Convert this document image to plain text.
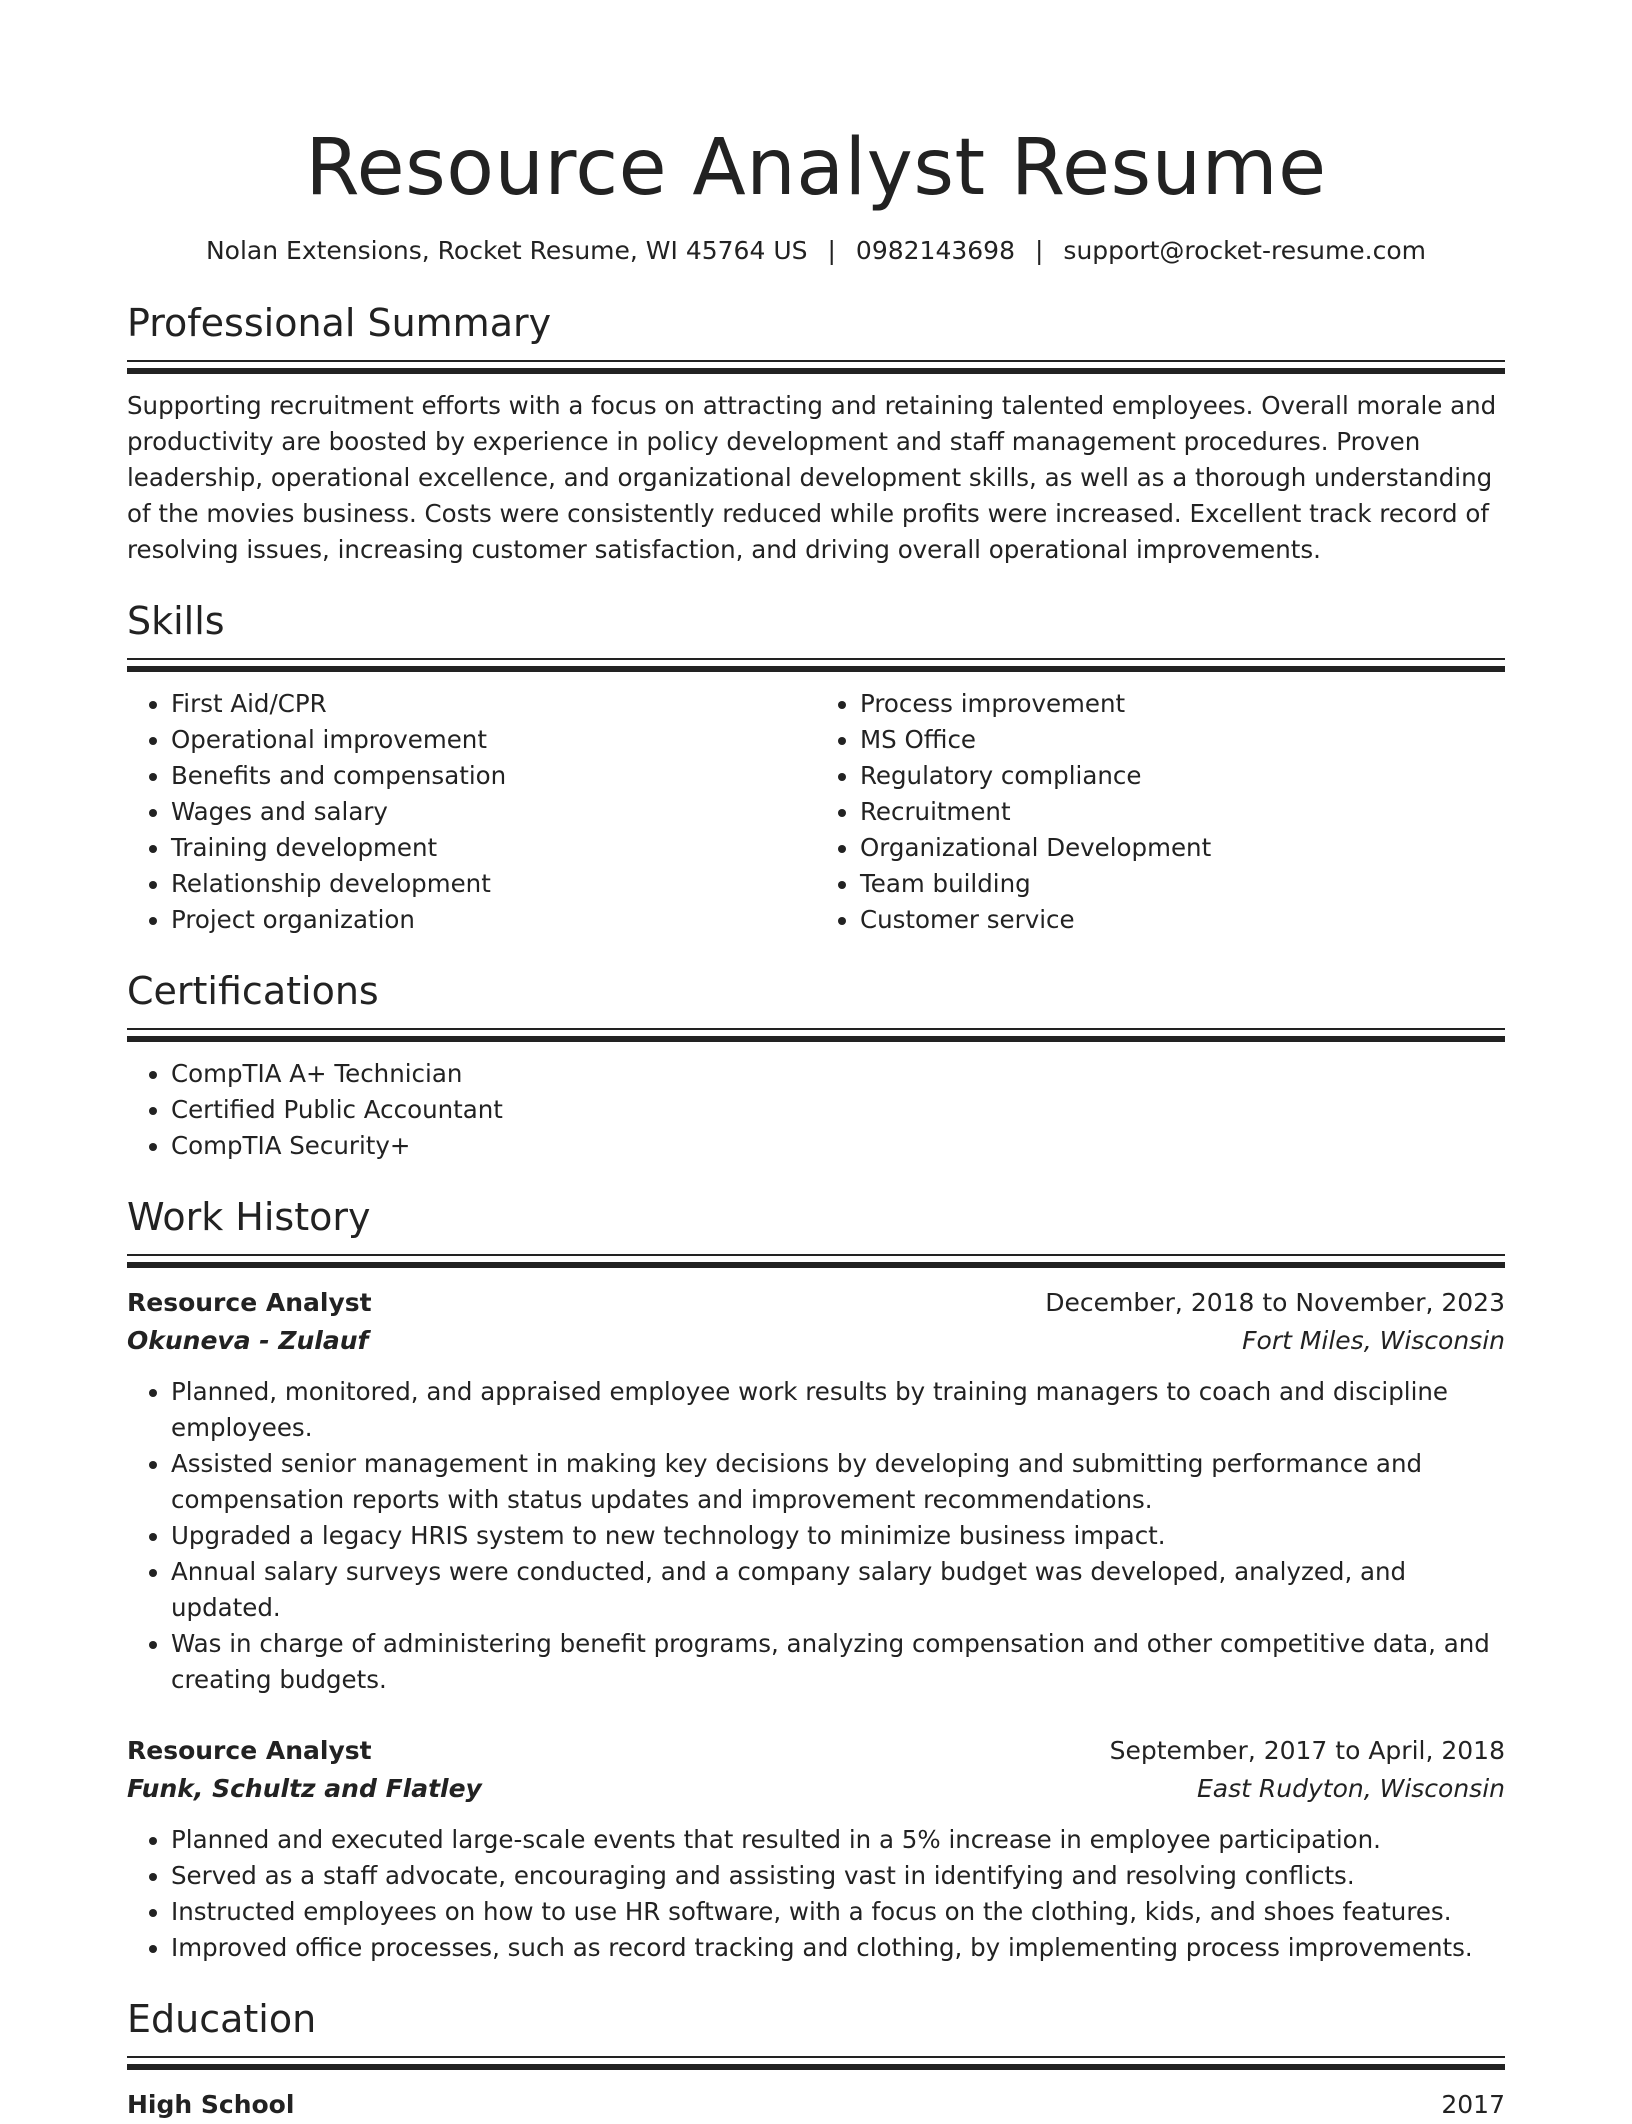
Resource Analyst Resume
Nolan Extensions, Rocket Resume, WI 45764 US | 0982143698 | support@rocket-resume.com
Professional Summary

Supporting recruitment efforts with a focus on attracting and retaining talented employees. Overall morale and productivity are boosted by experience in policy development and staff management procedures. Proven leadership, operational excellence, and organizational development skills, as well as a thorough understanding of the movies business. Costs were consistently reduced while profits were increased. Excellent track record of resolving issues, increasing customer satisfaction, and driving overall operational improvements.

Skills
• First Aid/CPR
• Operational improvement
• Benefits and compensation
• Wages and salary
• Training development
• Relationship development
• Project organization
• Process improvement
• MS Office
• Regulatory compliance
• Recruitment
• Organizational Development
• Team building
• Customer service
Certifications
• CompTIA A+ Technician
• Certified Public Accountant
• CompTIA Security+
Work History
Resource Analyst	December, 2018 to November, 2023
Okuneva - Zulauf	Fort Miles, Wisconsin
• Planned, monitored, and appraised employee work results by training managers to coach and discipline employees.
• Assisted senior management in making key decisions by developing and submitting performance and compensation reports with status updates and improvement recommendations.
• Upgraded a legacy HRIS system to new technology to minimize business impact.
• Annual salary surveys were conducted, and a company salary budget was developed, analyzed, and updated.
• Was in charge of administering benefit programs, analyzing compensation and other competitive data, and creating budgets.
Resource Analyst	September, 2017 to April, 2018
Funk, Schultz and Flatley	East Rudyton, Wisconsin
• Planned and executed large-scale events that resulted in a 5% increase in employee participation.
• Served as a staff advocate, encouraging and assisting vast in identifying and resolving conflicts.
• Instructed employees on how to use HR software, with a focus on the clothing, kids, and shoes features.
• Improved office processes, such as record tracking and clothing, by implementing process improvements.
Education
High School	2017
